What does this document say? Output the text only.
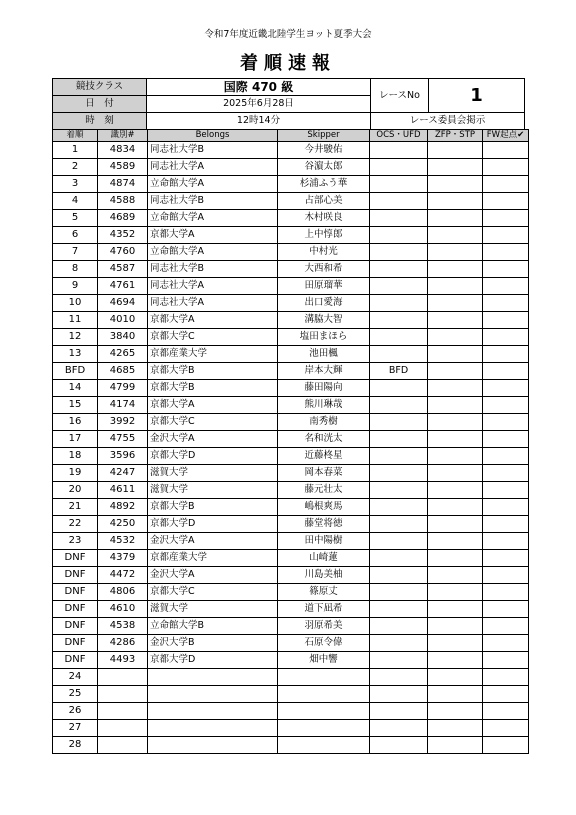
令和7年度近畿北陸学生ヨット夏季大会
着順速報
競技クラス	国際 470 級	レースNo	1
日　付	2025年6月28日		
時　刻	12時14分	レース委員会掲示	
着順	識別#	Belongs	Skipper	OCS・UFD	ZFP・STP	FW起点✔
1	4834	同志社大学B	今井駿佑			
2	4589	同志社大学A	谷濵太郎			
3	4874	立命館大学A	杉浦ふう華			
4	4588	同志社大学B	占部心美			
5	4689	立命館大学A	木村咲良			
6	4352	京都大学A	上中惇郎			
7	4760	立命館大学A	中村光			
8	4587	同志社大学B	大西和希			
9	4761	同志社大学A	田原瑠華			
10	4694	同志社大学A	出口愛海			
11	4010	京都大学A	溝脇大智			
12	3840	京都大学C	塩田まほら			
13	4265	京都産業大学	池田楓			
BFD	4685	京都大学B	岸本大輝	BFD		
14	4799	京都大学B	藤田陽向			
15	4174	京都大学A	熊川琳哉			
16	3992	京都大学C	南秀樹			
17	4755	金沢大学A	名和洸太			
18	3596	京都大学D	近藤柊星			
19	4247	滋賀大学	岡本春菜			
20	4611	滋賀大学	藤元壮太			
21	4892	京都大学B	嶋根爽馬			
22	4250	京都大学D	藤堂将徳			
23	4532	金沢大学A	田中陽樹			
DNF	4379	京都産業大学	山崎蓮			
DNF	4472	金沢大学A	川島美柚			
DNF	4806	京都大学C	篠原丈			
DNF	4610	滋賀大学	道下凪希			
DNF	4538	立命館大学B	羽原希美			
DNF	4286	金沢大学B	石原令偉			
DNF	4493	京都大学D	畑中響			
24						
25						
26						
27						
28						
